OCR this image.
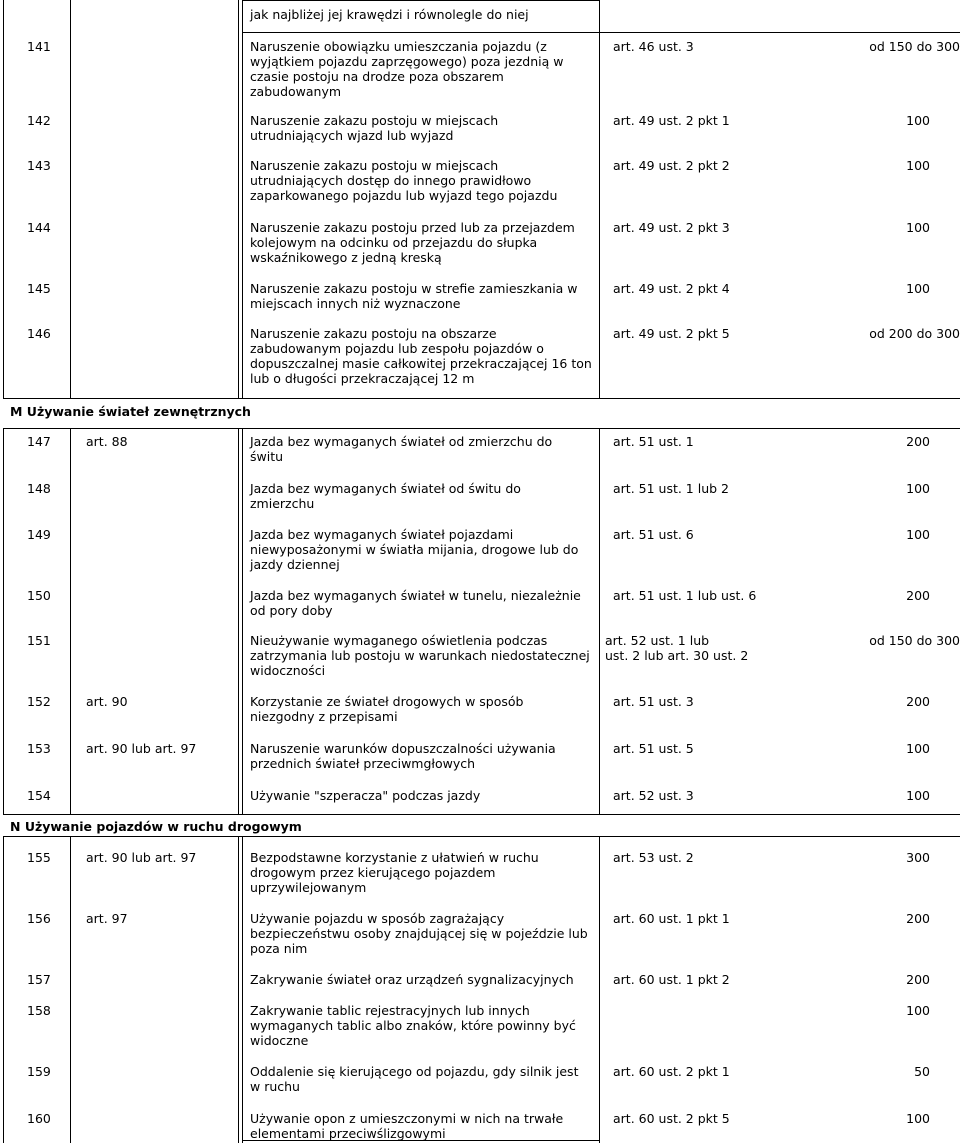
jak najbliżej jej krawędzi i równolegle do niej
141	Naruszenie obowiązku umieszczania pojazdu (z
wyjątkiem pojazdu zaprzęgowego) poza jezdnią w
czasie postoju na drodze poza obszarem
zabudowanym
art. 46 ust. 3	od 150 do 300
142	Naruszenie zakazu postoju w miejscach
utrudniających wjazd lub wyjazd
art. 49 ust. 2 pkt 1	100
143	Naruszenie zakazu postoju w miejscach
utrudniających dostęp do innego prawidłowo
zaparkowanego pojazdu lub wyjazd tego pojazdu
art. 49 ust. 2 pkt 2	100
144	Naruszenie zakazu postoju przed lub za przejazdem
kolejowym na odcinku od przejazdu do słupka
wskaźnikowego z jedną kreską
art. 49 ust. 2 pkt 3	100
145	Naruszenie zakazu postoju w strefie zamieszkania w
miejscach innych niż wyznaczone
art. 49 ust. 2 pkt 4	100
146	Naruszenie zakazu postoju na obszarze
zabudowanym pojazdu lub zespołu pojazdów o
dopuszczalnej masie całkowitej przekraczającej 16 ton
lub o długości przekraczającej 12 m
art. 49 ust. 2 pkt 5	od 200 do 300
M Używanie świateł zewnętrznych
147	art. 88	Jazda bez wymaganych świateł od zmierzchu do
świtu
art. 51 ust. 1	200
148	Jazda bez wymaganych świateł od świtu do
zmierzchu
art. 51 ust. 1 lub 2	100
149	Jazda bez wymaganych świateł pojazdami
niewyposażonymi w światła mijania, drogowe lub do
jazdy dziennej
art. 51 ust. 6	100
150	Jazda bez wymaganych świateł w tunelu, niezależnie
od pory doby
art. 51 ust. 1 lub ust. 6	200
151	Nieużywanie wymaganego oświetlenia podczas
zatrzymania lub postoju w warunkach niedostatecznej
widoczności
art. 52 ust. 1 lub
ust. 2 lub art. 30 ust. 2
od 150 do 300
152	art. 90	Korzystanie ze świateł drogowych w sposób
niezgodny z przepisami
art. 51 ust. 3	200
153	art. 90 lub art. 97	Naruszenie warunków dopuszczalności używania
przednich świateł przeciwmgłowych
art. 51 ust. 5	100
154	Używanie "szperacza" podczas jazdy	art. 52 ust. 3	100
N Używanie pojazdów w ruchu drogowym
155	art. 90 lub art. 97	Bezpodstawne korzystanie z ułatwień w ruchu
drogowym przez kierującego pojazdem
uprzywilejowanym
art. 53 ust. 2	300
156	art. 97	Używanie pojazdu w sposób zagrażający
bezpieczeństwu osoby znajdującej się w pojeździe lub
poza nim
art. 60 ust. 1 pkt 1	200
157	Zakrywanie świateł oraz urządzeń sygnalizacyjnych	art. 60 ust. 1 pkt 2	200
158	Zakrywanie tablic rejestracyjnych lub innych
wymaganych tablic albo znaków, które powinny być
widoczne
100
159	Oddalenie się kierującego od pojazdu, gdy silnik jest
w ruchu
art. 60 ust. 2 pkt 1	50
160	Używanie opon z umieszczonymi w nich na trwałe
elementami przeciwślizgowymi
art. 60 ust. 2 pkt 5	100
